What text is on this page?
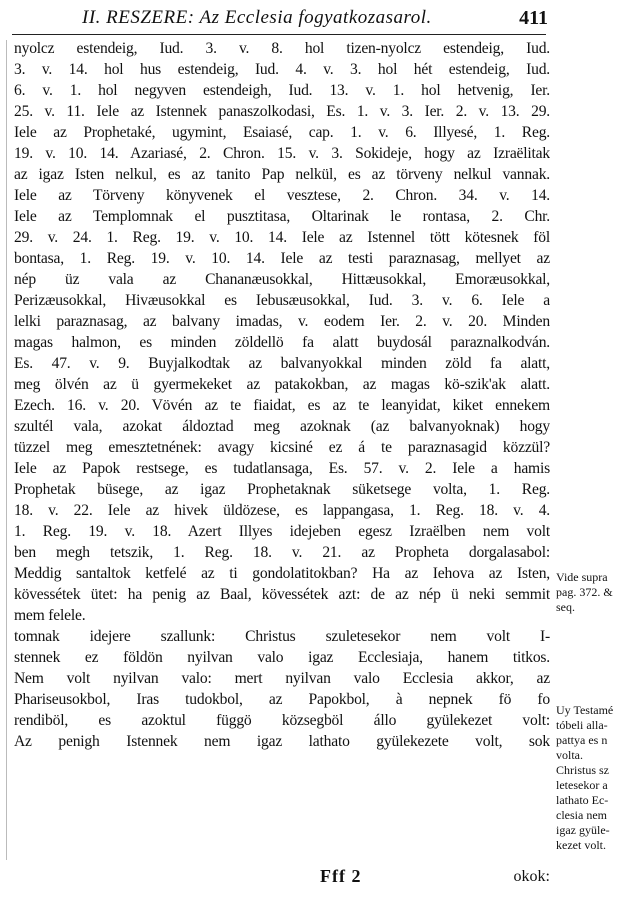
II. RESZERE: Az Ecclesia fogyatkozasarol.	411
nyolcz estendeig, Iud. 3. v. 8. hol tizen-nyolcz estendeig, Iud.
3. v. 14. hol hus estendeig, Iud. 4. v. 3. hol hét estendeig, Iud.
6. v. 1. hol negyven estendeigh, Iud. 13. v. 1. hol hetvenig, Ier.
25. v. 11. Iele az Istennek panaszolkodasi, Es. 1. v. 3. Ier. 2. v. 13. 29.
Iele az Prophetaké, ugymint, Esaiasé, cap. 1. v. 6. Illyesé, 1. Reg.
19. v. 10. 14. Azariasé, 2. Chron. 15. v. 3. Sokideje, hogy az Izraëlitak
az igaz Isten nelkul, es az tanito Pap nelkül, es az törveny nelkul vannak.
Iele az Törveny könyvenek el vesztese, 2. Chron. 34. v. 14.
Iele az Templomnak el pusztitasa, Oltarinak le rontasa, 2. Chr.
29. v. 24. 1. Reg. 19. v. 10. 14. Iele az Istennel tött kötesnek föl
bontasa, 1. Reg. 19. v. 10. 14. Iele az testi paraznasag, mellyet az
nép üz vala az Chananæusokkal, Hittæusokkal, Emoræusokkal,
Perizæusokkal, Hivæusokkal es Iebusæusokkal, Iud. 3. v. 6. Iele a
lelki paraznasag, az balvany imadas, v. eodem Ier. 2. v. 20. Minden
magas halmon, es minden zöldellö fa alatt buydosál paraznalkodván.
Es. 47. v. 9. Buyjalkodtak az balvanyokkal minden zöld fa alatt,
meg ölvén az ü gyermekeket az patakokban, az magas kö-szik'ak alatt.
Ezech. 16. v. 20. Vövén az te fiaidat, es az te leanyidat, kiket ennekem
szultél vala, azokat áldoztad meg azoknak (az balvanyoknak) hogy
tüzzel meg emesztetnének: avagy kicsiné ez á te paraznasagid közzül?
Iele az Papok restsege, es tudatlansaga, Es. 57. v. 2. Iele a hamis
Prophetak büsege, az igaz Prophetaknak süketsege volta, 1. Reg.
18. v. 22. Iele az hivek üldözese, es lappangasa, 1. Reg. 18. v. 4.
1. Reg. 19. v. 18. Azert Illyes idejeben egesz Izraëlben nem volt
ben megh tetszik, 1. Reg. 18. v. 21. az Propheta dorgalasabol:
Meddig santaltok ketfelé az ti gondolatitokban? Ha az Iehova az Isten,
kövessétek ütet: ha penig az Baal, kövessétek azt: de az nép ü neki semmit
mem felele.
tomnak idejere szallunk: Christus szuletesekor nem volt I-
stennek ez földön nyilvan valo igaz Ecclesiaja, hanem titkos.
Nem volt nyilvan valo: mert nyilvan valo Ecclesia akkor, az
Phariseusokbol, Iras tudokbol, az Papokbol, à nepnek fö fo
rendiböl, es azoktul függö közsegböl állo gyülekezet volt:
Az penigh Istennek nem igaz lathato gyülekezete volt, sok
Vide supra
pag. 372. &
seq.
Uy Testamé
tóbeli alla-
pattya es n
volta.
Christus sz
letesekor a
lathato Ec-
clesia nem
igaz gyüle-
kezet volt.
Fff 2	okok:
